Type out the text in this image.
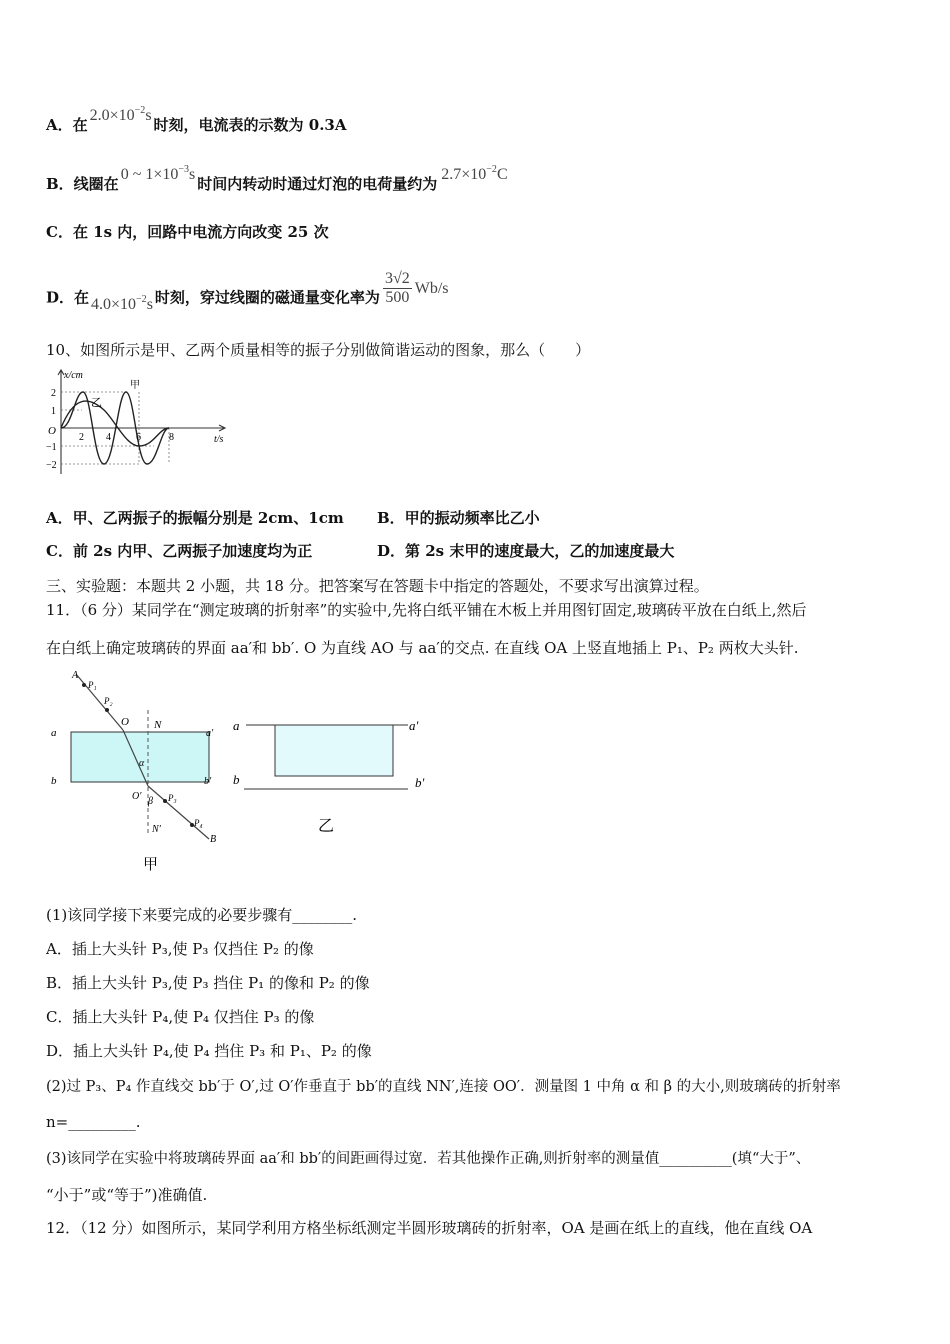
A．在$2.0\times 10^{-2}s$时刻，电流表的示数为 0.3A
B．线圈在0 ~ $1\times 10^{-3}s$时间内转动时通过灯泡的电荷量约为$2.7\times 10^{-2}C$
C．在 1s 内，回路中电流方向改变 25 次
D．在 $4.0\times 10^{-2}s$ 时刻，穿过线圈的磁通量变化率为 $\frac{3√2}{500} Wb/s$
10、如图所示是甲、乙两个质量相等的振子分别做简谐运动的图象，那么（　　）
x/cm
t/s
O
2
1
−1
−2
2 4	6	8
甲
乙
A．甲、乙两振子的振幅分别是 2cm、1cm B．甲的振动频率比乙小
C．前 2s 内甲、乙两振子加速度均为正	D．第 2s 末甲的速度最大，乙的加速度最大
三、实验题：本题共 2 小题，共 18 分。把答案写在答题卡中指定的答题处，不要求写出演算过程。
11．（6 分）某同学在“测定玻璃的折射率”的实验中,先将白纸平铺在木板上并用图钉固定,玻璃砖平放在白纸上,然后
在白纸上确定玻璃砖的界面 aa′和 bb′. O 为直线 AO 与 aa′的交点. 在直线 OA 上竖直地插上 P₁、P₂ 两枚大头针.
A
P₁
P₂
O N
a	a′
b	b′
α
O′ β P₃
N′
P₄
B
甲
a	a′
b	b′
乙
(1)该同学接下来要完成的必要步骤有________.
A．插上大头针 P₃,使 P₃ 仅挡住 P₂ 的像
B．插上大头针 P₃,使 P₃ 挡住 P₁ 的像和 P₂ 的像
C．插上大头针 P₄,使 P₄ 仅挡住 P₃ 的像
D．插上大头针 P₄,使 P₄ 挡住 P₃ 和 P₁、P₂ 的像
(2)过 P₃、P₄ 作直线交 bb′于 O′,过 O′作垂直于 bb′的直线 NN′,连接 OO′．测量图 1 中角 α 和 β 的大小,则玻璃砖的折射率
n=_________.
(3)该同学在实验中将玻璃砖界面 aa′和 bb′的间距画得过宽．若其他操作正确,则折射率的测量值__________(填“大于”、
“小于”或“等于”)准确值.
12．（12 分）如图所示，某同学利用方格坐标纸测定半圆形玻璃砖的折射率，OA 是画在纸上的直线，他在直线 OA
